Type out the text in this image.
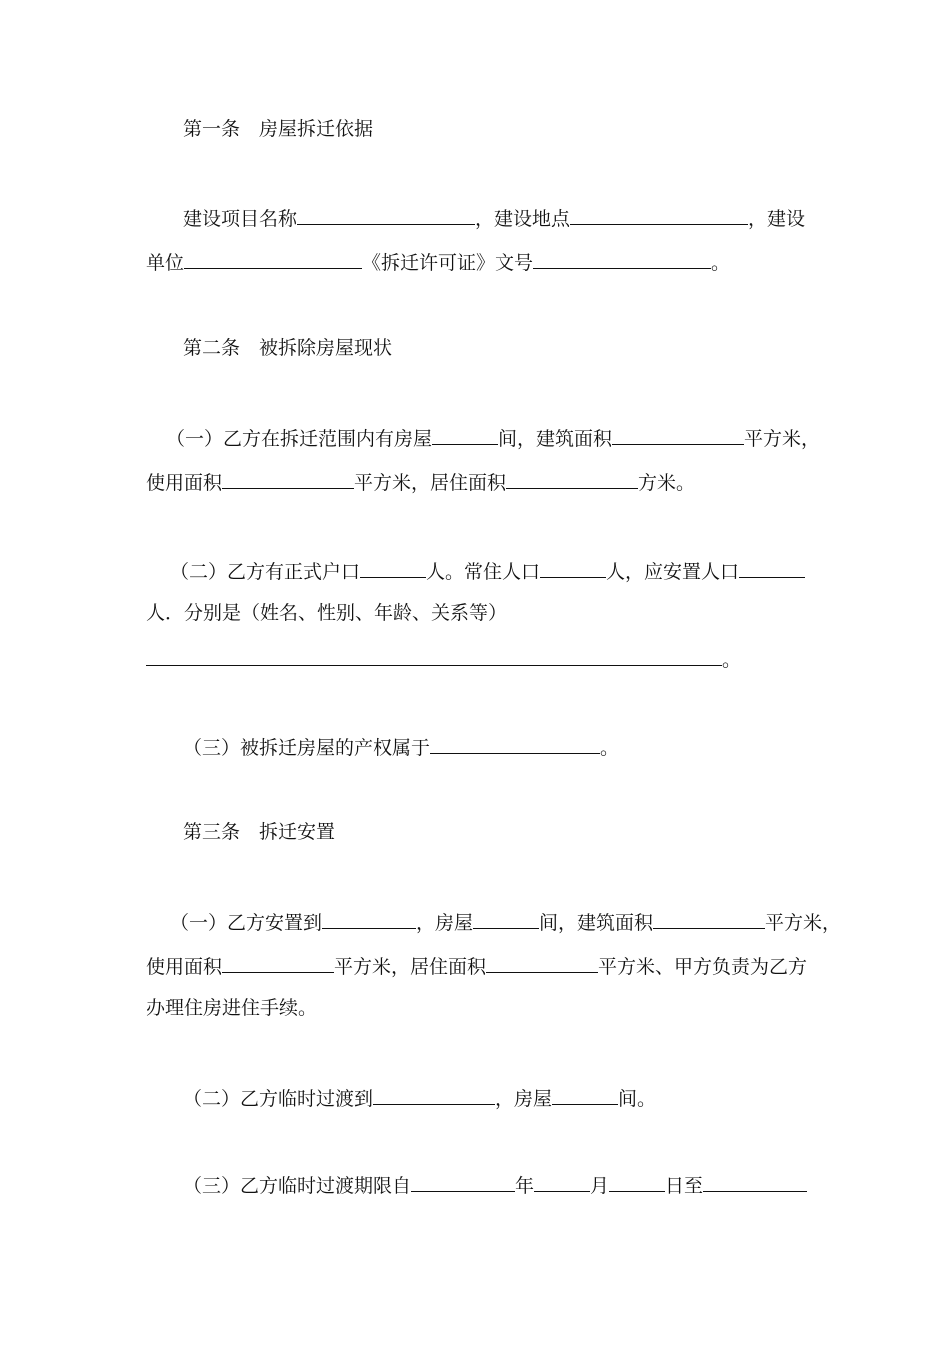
第一条　房屋拆迁依据
建设项目名称	，建设地点	，建设
单位	《拆迁许可证》文号	。
第二条　被拆除房屋现状
（一）乙方在拆迁范围内有房屋	间，建筑面积	平方米，
使用面积	平方米，居住面积	方米。
（二）乙方有正式户口	人。常住人口	人，应安置人口
人．分别是（姓名、性别、年龄、关系等）
。
（三）被拆迁房屋的产权属于	。
第三条　拆迁安置
（一）乙方安置到	，房屋	间，建筑面积	平方米，
使用面积	平方米，居住面积	平方米、甲方负责为乙方
办理住房进住手续。
（二）乙方临时过渡到	，房屋	间。
（三）乙方临时过渡期限自	年	月	日至
